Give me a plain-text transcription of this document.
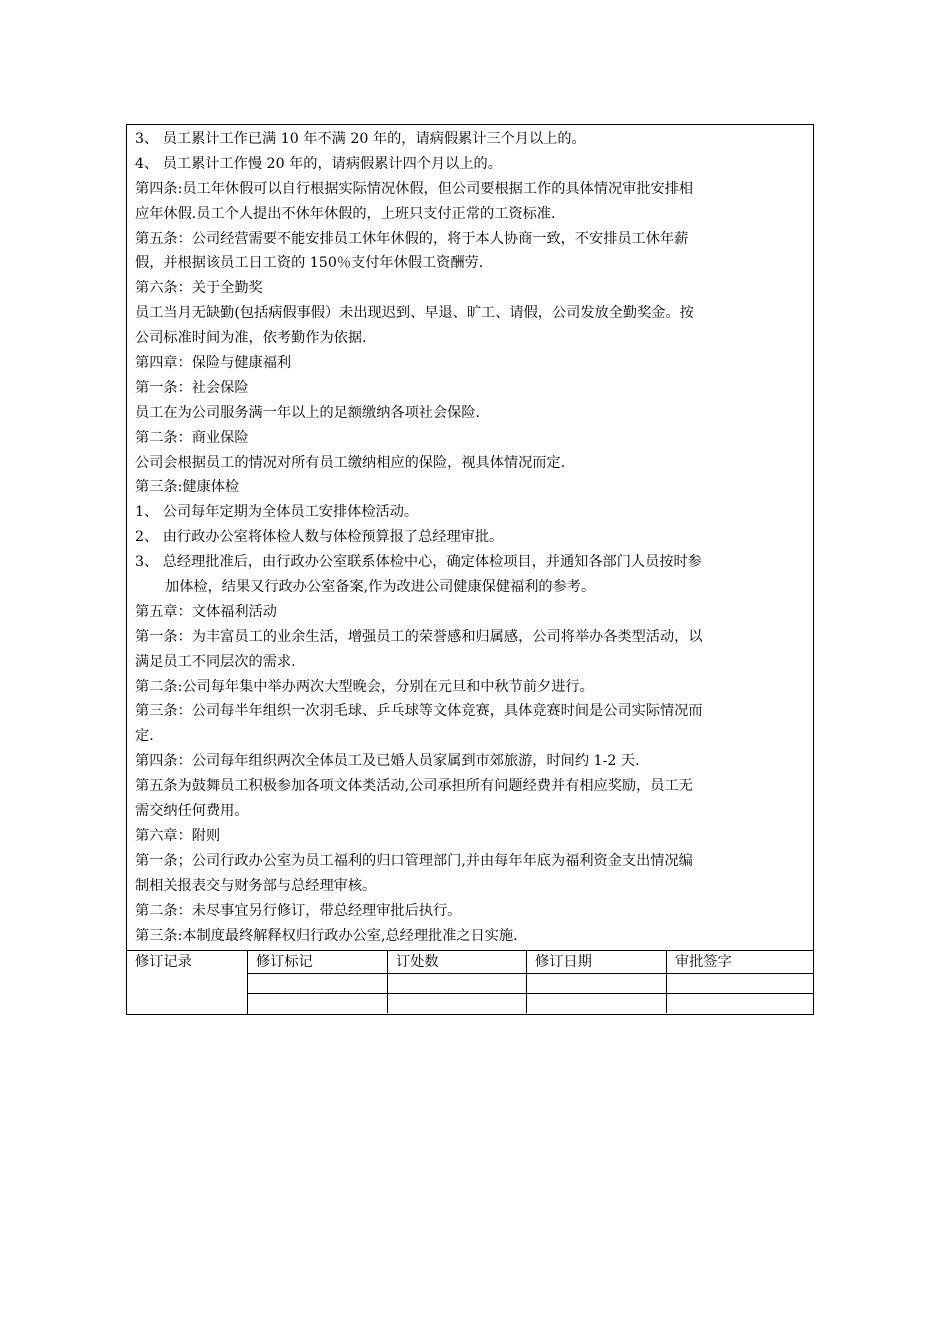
3、 员工累计工作已满 10 年不满 20 年的，请病假累计三个月以上的。
4、 员工累计工作慢 20 年的，请病假累计四个月以上的。
第四条:员工年休假可以自行根据实际情况休假，但公司要根据工作的具体情况审批安排相
应年休假.员工个人提出不休年休假的，上班只支付正常的工资标准.
第五条：公司经营需要不能安排员工休年休假的，将于本人协商一致，不安排员工休年薪
假，并根据该员工日工资的 150％支付年休假工资酬劳.
第六条：关于全勤奖
员工当月无缺勤(包括病假事假）未出现迟到、早退、旷工、请假，公司发放全勤奖金。按
公司标准时间为准，依考勤作为依据.
第四章：保险与健康福利
第一条：社会保险
员工在为公司服务满一年以上的足额缴纳各项社会保险.
第二条：商业保险
公司会根据员工的情况对所有员工缴纳相应的保险，视具体情况而定.
第三条:健康体检
1、 公司每年定期为全体员工安排体检活动。
2、 由行政办公室将体检人数与体检预算报了总经理审批。
3、 总经理批准后，由行政办公室联系体检中心，确定体检项目，并通知各部门人员按时参
加体检，结果又行政办公室备案,作为改进公司健康保健福利的参考。
第五章：文体福利活动
第一条：为丰富员工的业余生活，增强员工的荣誉感和归属感，公司将举办各类型活动，以
满足员工不同层次的需求.
第二条:公司每年集中举办两次大型晚会，分别在元旦和中秋节前夕进行。
第三条：公司每半年组织一次羽毛球、乒乓球等文体竞赛，具体竞赛时间是公司实际情况而
定.
第四条：公司每年组织两次全体员工及已婚人员家属到市郊旅游，时间约 1-2 天.
第五条为鼓舞员工积极参加各项文体类活动,公司承担所有问题经费并有相应奖励，员工无
需交纳任何费用。
第六章：附则
第一条；公司行政办公室为员工福利的归口管理部门,并由每年年底为福利资金支出情况编
制相关报表交与财务部与总经理审核。
第二条：未尽事宜另行修订，带总经理审批后执行。
第三条:本制度最终解释权归行政办公室,总经理批准之日实施.
修订记录	修订标记	订处数	修订日期	审批签字
